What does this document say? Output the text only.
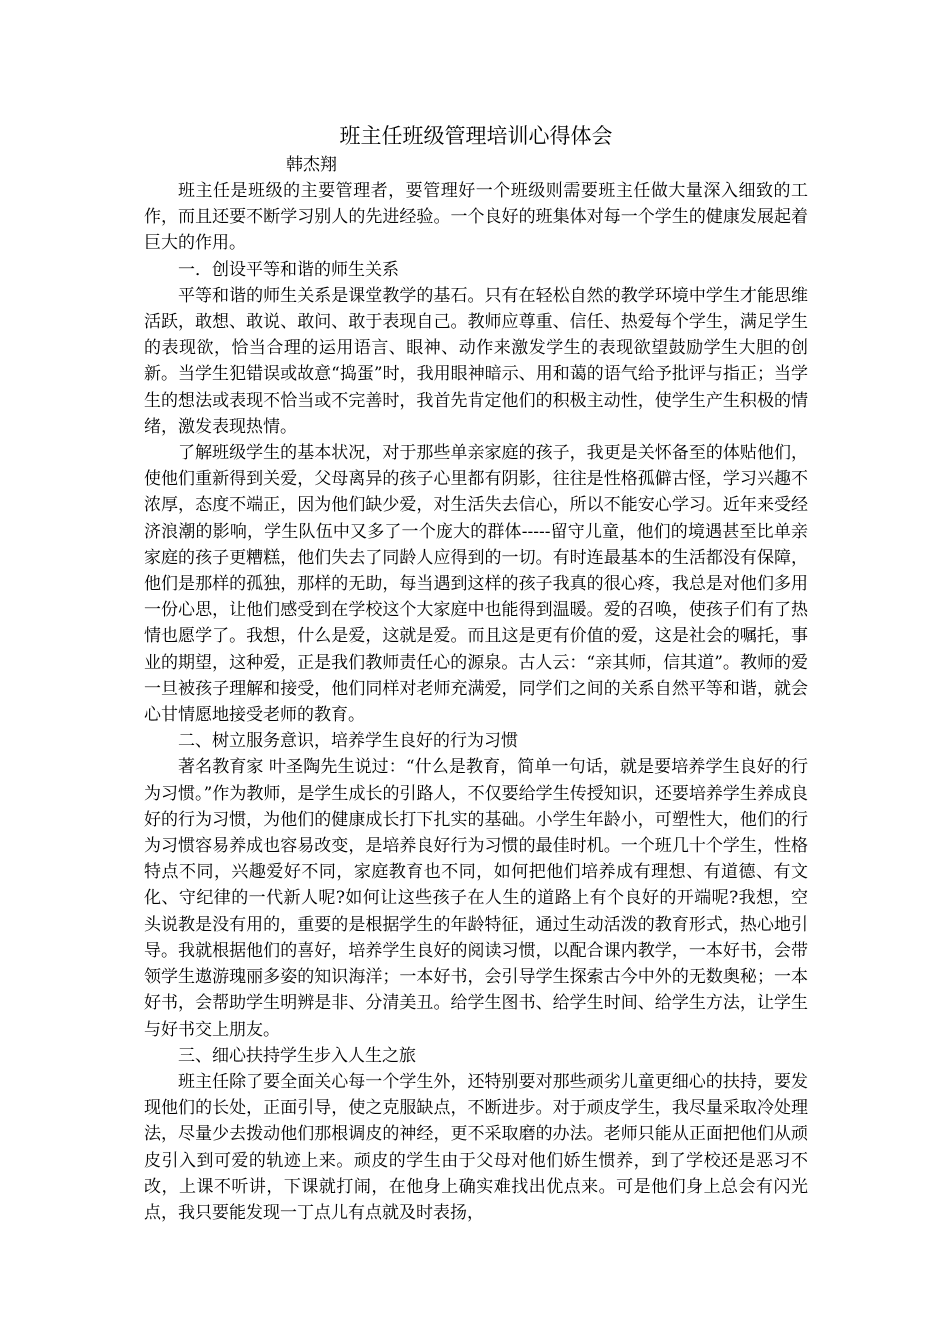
班主任班级管理培训心得体会

韩杰翔

班主任是班级的主要管理者，要管理好一个班级则需要班主任做大量深入细致的工作，而且还要不断学习别人的先进经验。一个良好的班集体对每一个学生的健康发展起着巨大的作用。

一．创设平等和谐的师生关系

平等和谐的师生关系是课堂教学的基石。只有在轻松自然的教学环境中学生才能思维活跃，敢想、敢说、敢问、敢于表现自己。教师应尊重、信任、热爱每个学生，满足学生的表现欲，恰当合理的运用语言、眼神、动作来激发学生的表现欲望鼓励学生大胆的创新。当学生犯错误或故意“捣蛋”时，我用眼神暗示、用和蔼的语气给予批评与指正；当学生的想法或表现不恰当或不完善时，我首先肯定他们的积极主动性，使学生产生积极的情绪，激发表现热情。

了解班级学生的基本状况，对于那些单亲家庭的孩子，我更是关怀备至的体贴他们，使他们重新得到关爱，父母离异的孩子心里都有阴影，往往是性格孤僻古怪，学习兴趣不浓厚，态度不端正，因为他们缺少爱，对生活失去信心，所以不能安心学习。近年来受经济浪潮的影响，学生队伍中又多了一个庞大的群体-----留守儿童，他们的境遇甚至比单亲家庭的孩子更糟糕，他们失去了同龄人应得到的一切。有时连最基本的生活都没有保障，他们是那样的孤独，那样的无助，每当遇到这样的孩子我真的很心疼，我总是对他们多用一份心思，让他们感受到在学校这个大家庭中也能得到温暖。爱的召唤，使孩子们有了热情也愿学了。我想，什么是爱，这就是爱。而且这是更有价值的爱，这是社会的嘱托，事业的期望，这种爱，正是我们教师责任心的源泉。古人云：“亲其师，信其道”。教师的爱一旦被孩子理解和接受，他们同样对老师充满爱，同学们之间的关系自然平等和谐，就会心甘情愿地接受老师的教育。

二、树立服务意识，培养学生良好的行为习惯

著名教育家 叶圣陶先生说过：“什么是教育，简单一句话，就是要培养学生良好的行为习惯。”作为教师，是学生成长的引路人，不仅要给学生传授知识，还要培养学生养成良好的行为习惯，为他们的健康成长打下扎实的基础。小学生年龄小，可塑性大，他们的行为习惯容易养成也容易改变，是培养良好行为习惯的最佳时机。一个班几十个学生，性格特点不同，兴趣爱好不同，家庭教育也不同，如何把他们培养成有理想、有道德、有文化、守纪律的一代新人呢?如何让这些孩子在人生的道路上有个良好的开端呢?我想，空头说教是没有用的，重要的是根据学生的年龄特征，通过生动活泼的教育形式，热心地引导。我就根据他们的喜好，培养学生良好的阅读习惯，以配合课内教学，一本好书，会带领学生遨游瑰丽多姿的知识海洋；一本好书，会引导学生探索古今中外的无数奥秘；一本好书，会帮助学生明辨是非、分清美丑。给学生图书、给学生时间、给学生方法，让学生与好书交上朋友。

三、细心扶持学生步入人生之旅

班主任除了要全面关心每一个学生外，还特别要对那些顽劣儿童更细心的扶持，要发现他们的长处，正面引导，使之克服缺点，不断进步。对于顽皮学生，我尽量采取冷处理法，尽量少去拨动他们那根调皮的神经，更不采取磨的办法。老师只能从正面把他们从顽皮引入到可爱的轨迹上来。顽皮的学生由于父母对他们娇生惯养，到了学校还是恶习不改，上课不听讲，下课就打闹，在他身上确实难找出优点来。可是他们身上总会有闪光点，我只要能发现一丁点儿有点就及时表扬，
